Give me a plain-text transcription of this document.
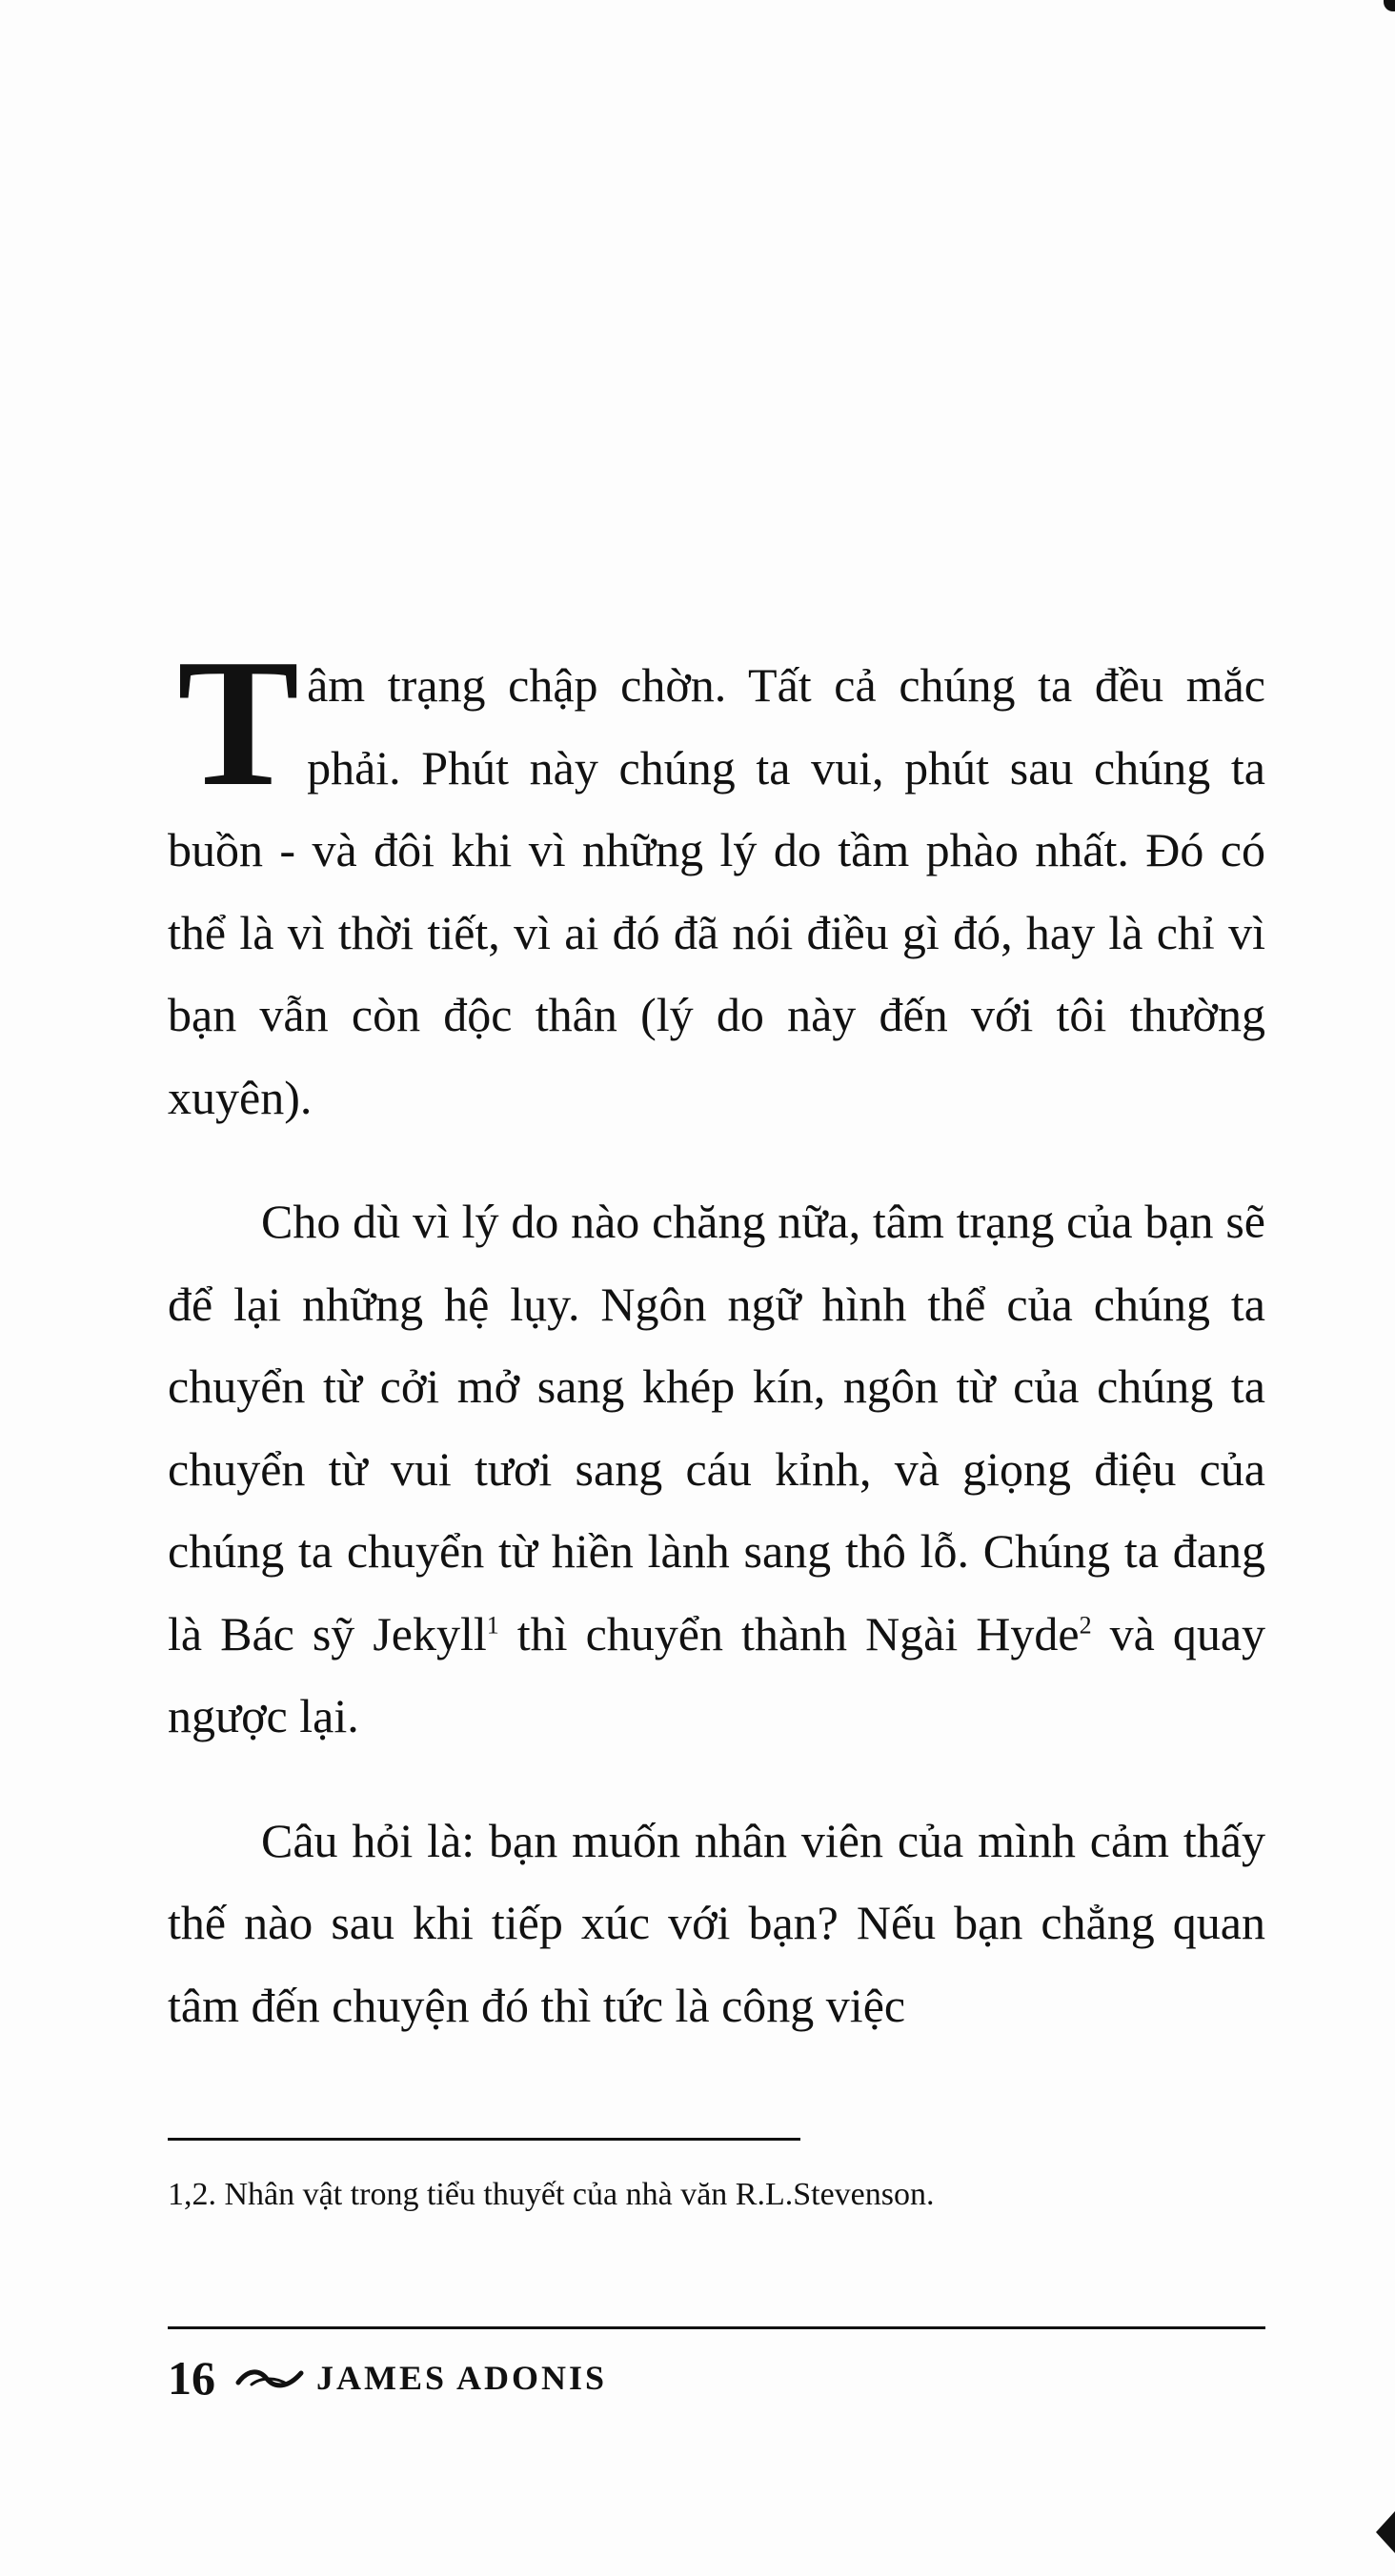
Tâm trạng chập chờn. Tất cả chúng ta đều mắc phải. Phút này chúng ta vui, phút sau chúng ta buồn - và đôi khi vì những lý do tầm phào nhất. Đó có thể là vì thời tiết, vì ai đó đã nói điều gì đó, hay là chỉ vì bạn vẫn còn độc thân (lý do này đến với tôi thường xuyên).

Cho dù vì lý do nào chăng nữa, tâm trạng của bạn sẽ để lại những hệ lụy. Ngôn ngữ hình thể của chúng ta chuyển từ cởi mở sang khép kín, ngôn từ của chúng ta chuyển từ vui tươi sang cáu kỉnh, và giọng điệu của chúng ta chuyển từ hiền lành sang thô lỗ. Chúng ta đang là Bác sỹ Jekyll$^1$ thì chuyển thành Ngài Hyde$^2$ và quay ngược lại.

Câu hỏi là: bạn muốn nhân viên của mình cảm thấy thế nào sau khi tiếp xúc với bạn? Nếu bạn chẳng quan tâm đến chuyện đó thì tức là công việc

1,2. Nhân vật trong tiểu thuyết của nhà văn R.L.Stevenson.
16	JAMES ADONIS
